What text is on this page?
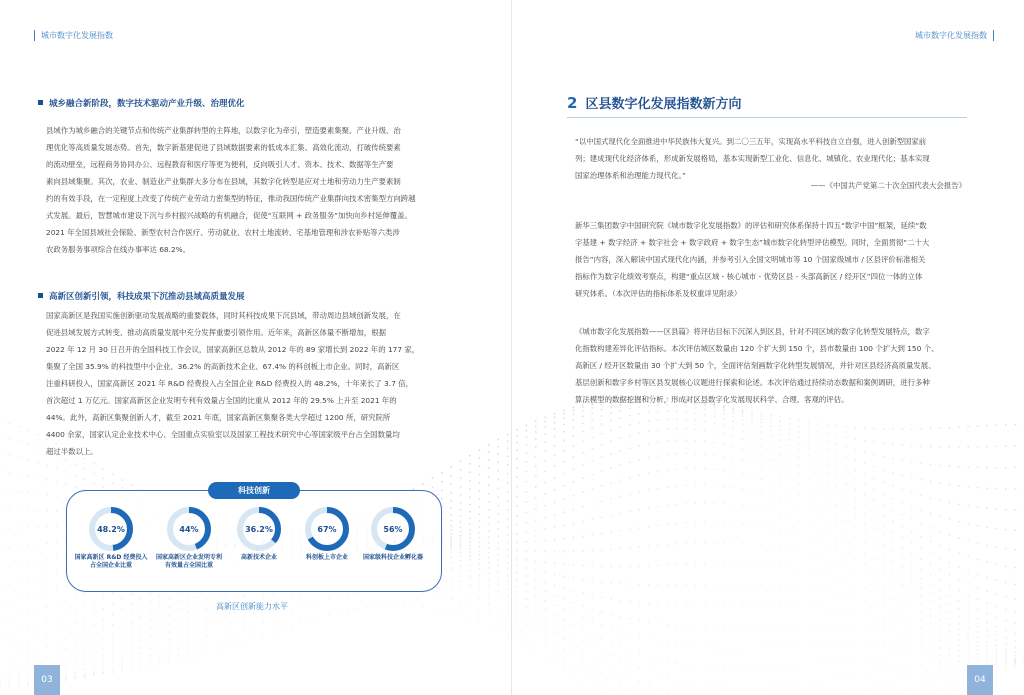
城市数字化发展指数
城乡融合新阶段，数字技术驱动产业升级、治理优化
县域作为城乡融合的关键节点和传统产业集群转型的主阵地，以数字化为牵引，塑造要素集聚、产业升级、治
理优化等高质量发展态势。首先，数字新基建促进了县域数据要素的低成本汇集、高效化流动，打破传统要素
的流动壁垒，远程商务协同办公、远程教育和医疗等更为便利，反向吸引人才、资本、技术、数据等生产要
素向县域集聚。其次，农业、制造业产业集群大多分布在县域，其数字化转型是应对土地和劳动力生产要素制
约的有效手段，在一定程度上改变了传统产业劳动力密集型的特征，推动我国传统产业集群向技术密集型方向跨越
式发展。最后，智慧城市建设下沉与乡村振兴战略的有机融合，促使“互联网 + 政务服务”加快向乡村延伸覆盖。
2021 年全国县域社会保险、新型农村合作医疗、劳动就业、农村土地流转、宅基地管理和涉农补贴等六类涉
农政务服务事项综合在线办事率达 68.2%。
高新区创新引领，科技成果下沉推动县域高质量发展
国家高新区是我国实施创新驱动发展战略的重要载体，同时其科技成果下沉县域，带动周边县域创新发展，在
促进县域发展方式转变、推动高质量发展中充分发挥重要引领作用。近年来，高新区体量不断增加，根据
2022 年 12 月 30 日召开的全国科技工作会议，国家高新区总数从 2012 年的 89 家增长到 2022 年的 177 家，
集聚了全国 35.9% 的科技型中小企业、36.2% 的高新技术企业、67.4% 的科创板上市企业。同时，高新区
注重科研投入，国家高新区 2021 年 R&D 经费投入占全国企业 R&D 经费投入的 48.2%，十年来长了 3.7 倍，
首次超过 1 万亿元。国家高新区企业发明专利有效量占全国的比重从 2012 年的 29.5% 上升至 2021 年的
44%。此外，高新区集聚创新人才，截至 2021 年底，国家高新区集聚各类大学超过 1200 所，研究院所
4400 余家，国家认定企业技术中心、全国重点实验室以及国家工程技术研究中心等国家级平台占全国数量均
超过半数以上。
科技创新
48.2%
国家高新区 R&D 经费投入
占全国企业比重
44%
国家高新区企业发明专利
有效量占全国比重
36.2%
高新技术企业
67%
科创板上市企业
56%
国家级科技企业孵化器
高新区创新能力水平
03
城市数字化发展指数
2 区县数字化发展指数新方向
“以中国式现代化全面推进中华民族伟大复兴。到二〇三五年，实现高水平科技自立自强，进入创新型国家前
列；建成现代化经济体系，形成新发展格局，基本实现新型工业化、信息化、城镇化、农业现代化；基本实现
国家治理体系和治理能力现代化。”
——《中国共产党第二十次全国代表大会报告》
新华三集团数字中国研究院《城市数字化发展指数》的评估和研究体系保持十四五“数字中国”框架，延续“数
字基建 + 数字经济 + 数字社会 + 数字政府 + 数字生态”城市数字化转型评估模型。同时，全面贯彻“二十大
报告”内容，深入解读中国式现代化内涵，并参考引入全国文明城市等 10 个国家级城市 / 区县评价标准相关
指标作为数字化绩效考察点，构建“重点区域 - 核心城市 - 优势区县 - 头部高新区 / 经开区”四位一体的立体
研究体系。（本次评估的指标体系及权重详见附录）
《城市数字化发展指数——区县篇》将评估目标下沉深入到区县，针对不同区域的数字化转型发展特点，数字
化指数构建差异化评估指标。本次评估城区数量由 120 个扩大到 150 个，县市数量由 100 个扩大到 150 个、
高新区 / 经开区数量由 30 个扩大到 50 个，全面评估刻画数字化转型发展情况，并针对区县经济高质量发展、
基层创新和数字乡村等区县发展核心议题进行探索和论述。本次评估通过持续动态数据和案例调研，进行多种
算法模型的数据挖掘和分析，形成对区县数字化发展现状科学、合理、客观的评估。
04
